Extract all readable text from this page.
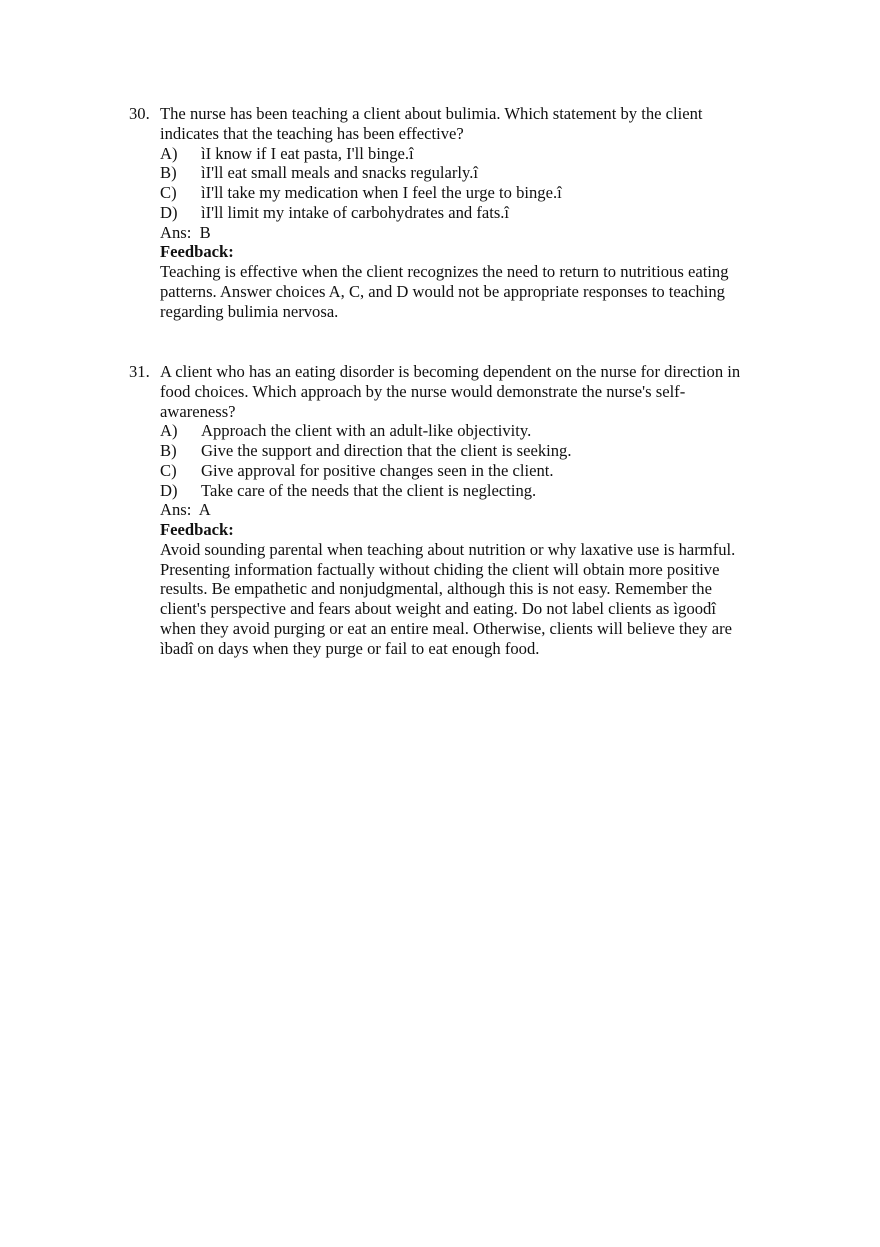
30. The nurse has been teaching a client about bulimia. Which statement by the client
indicates that the teaching has been effective?
A)	ìI know if I eat pasta, I'll binge.î
B)	ìI'll eat small meals and snacks regularly.î
C)	ìI'll take my medication when I feel the urge to binge.î
D)	ìI'll limit my intake of carbohydrates and fats.î
Ans:  B
Feedback:
Teaching is effective when the client recognizes the need to return to nutritious eating
patterns. Answer choices A, C, and D would not be appropriate responses to teaching
regarding bulimia nervosa.
31. A client who has an eating disorder is becoming dependent on the nurse for direction in
food choices. Which approach by the nurse would demonstrate the nurse's self-
awareness?
A)	Approach the client with an adult-like objectivity.
B)	Give the support and direction that the client is seeking.
C)	Give approval for positive changes seen in the client.
D)	Take care of the needs that the client is neglecting.
Ans:  A
Feedback:
Avoid sounding parental when teaching about nutrition or why laxative use is harmful.
Presenting information factually without chiding the client will obtain more positive
results. Be empathetic and nonjudgmental, although this is not easy. Remember the
client's perspective and fears about weight and eating. Do not label clients as ìgoodî
when they avoid purging or eat an entire meal. Otherwise, clients will believe they are
ìbadî on days when they purge or fail to eat enough food.
